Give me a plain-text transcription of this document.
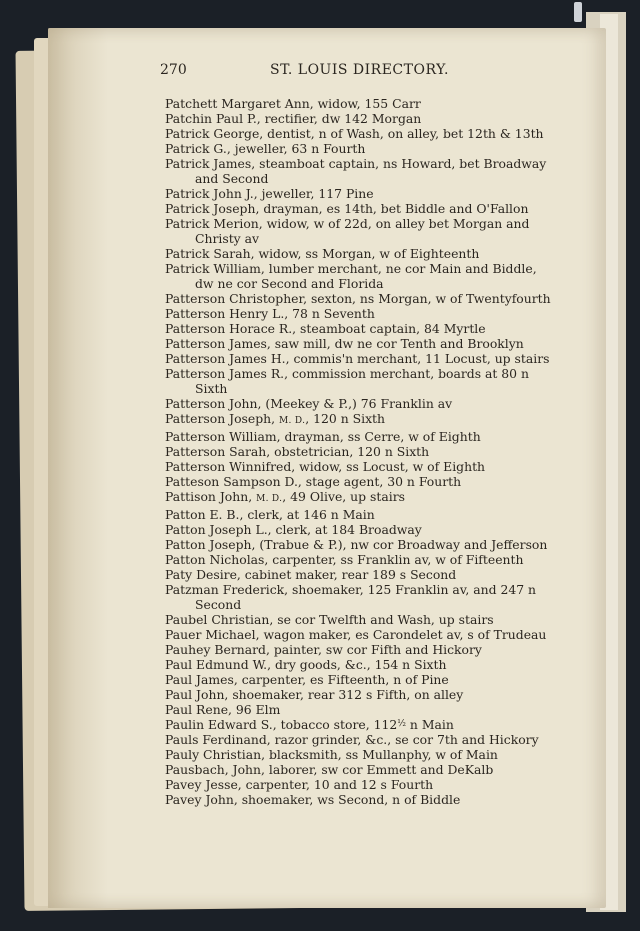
270	ST. LOUIS DIRECTORY.
Patchett Margaret Ann, widow, 155 Carr
Patchin Paul P., rectifier, dw 142 Morgan
Patrick George, dentist, n of Wash, on alley, bet 12th & 13th
Patrick G., jeweller, 63 n Fourth
Patrick James, steamboat captain, ns Howard, bet Broadway
and Second
Patrick John J., jeweller, 117 Pine
Patrick Joseph, drayman, es 14th, bet Biddle and O'Fallon
Patrick Merion, widow, w of 22d, on alley bet Morgan and
Christy av
Patrick Sarah, widow, ss Morgan, w of Eighteenth
Patrick William, lumber merchant, ne cor Main and Biddle,
dw ne cor Second and Florida
Patterson Christopher, sexton, ns Morgan, w of Twentyfourth
Patterson Henry L., 78 n Seventh
Patterson Horace R., steamboat captain, 84 Myrtle
Patterson James, saw mill, dw ne cor Tenth and Brooklyn
Patterson James H., commis'n merchant, 11 Locust, up stairs
Patterson James R., commission merchant, boards at 80 n
Sixth
Patterson John, (Meekey & P.,) 76 Franklin av
Patterson Joseph, M. D., 120 n Sixth
Patterson William, drayman, ss Cerre, w of Eighth
Patterson Sarah, obstetrician, 120 n Sixth
Patterson Winnifred, widow, ss Locust, w of Eighth
Patteson Sampson D., stage agent, 30 n Fourth
Pattison John, M. D., 49 Olive, up stairs
Patton E. B., clerk, at 146 n Main
Patton Joseph L., clerk, at 184 Broadway
Patton Joseph, (Trabue & P.), nw cor Broadway and Jefferson
Patton Nicholas, carpenter, ss Franklin av, w of Fifteenth
Paty Desire, cabinet maker, rear 189 s Second
Patzman Frederick, shoemaker, 125 Franklin av, and 247 n
Second
Paubel Christian, se cor Twelfth and Wash, up stairs
Pauer Michael, wagon maker, es Carondelet av, s of Trudeau
Pauhey Bernard, painter, sw cor Fifth and Hickory
Paul Edmund W., dry goods, &c., 154 n Sixth
Paul James, carpenter, es Fifteenth, n of Pine
Paul John, shoemaker, rear 312 s Fifth, on alley
Paul Rene, 96 Elm
Paulin Edward S., tobacco store, $112^{\frac{1}{2}}$ n Main
Pauls Ferdinand, razor grinder, &c., se cor 7th and Hickory
Pauly Christian, blacksmith, ss Mullanphy, w of Main
Pausbach, John, laborer, sw cor Emmett and DeKalb
Pavey Jesse, carpenter, 10 and 12 s Fourth
Pavey John, shoemaker, ws Second, n of Biddle
